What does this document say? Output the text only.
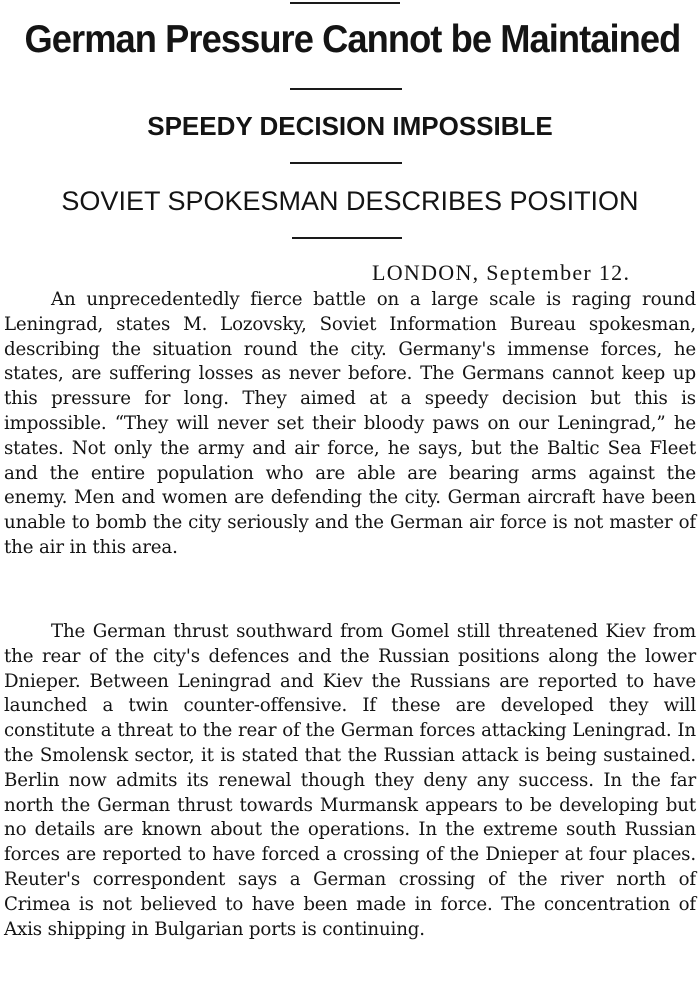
German Pressure Cannot be Maintained
SPEEDY DECISION IMPOSSIBLE
SOVIET SPOKESMAN DESCRIBES POSITION

LONDON, September 12.

An unprecedentedly fierce battle on a large scale is raging round Leningrad, states M. Lozovsky, Soviet Information Bureau spokesman, describing the situation round the city. Germany's immense forces, he states, are suffering losses as never before. The Germans cannot keep up this pressure for long. They aimed at a speedy decision but this is impossible. “They will never set their bloody paws on our Leningrad,” he states. Not only the army and air force, he says, but the Baltic Sea Fleet and the entire population who are able are bearing arms against the enemy. Men and women are defending the city. German aircraft have been unable to bomb the city seriously and the German air force is not master of the air in this area.

The German thrust southward from Gomel still threatened Kiev from the rear of the city's defences and the Russian positions along the lower Dnieper. Between Leningrad and Kiev the Russians are reported to have launched a twin counter-offensive. If these are developed they will constitute a threat to the rear of the German forces attacking Leningrad. In the Smolensk sector, it is stated that the Russian attack is being sustained. Berlin now admits its renewal though they deny any success. In the far north the German thrust towards Murmansk appears to be developing but no details are known about the operations. In the extreme south Russian forces are reported to have forced a crossing of the Dnieper at four places. Reuter's correspondent says a German crossing of the river north of Crimea is not believed to have been made in force. The concentration of Axis shipping in Bulgarian ports is continuing.
